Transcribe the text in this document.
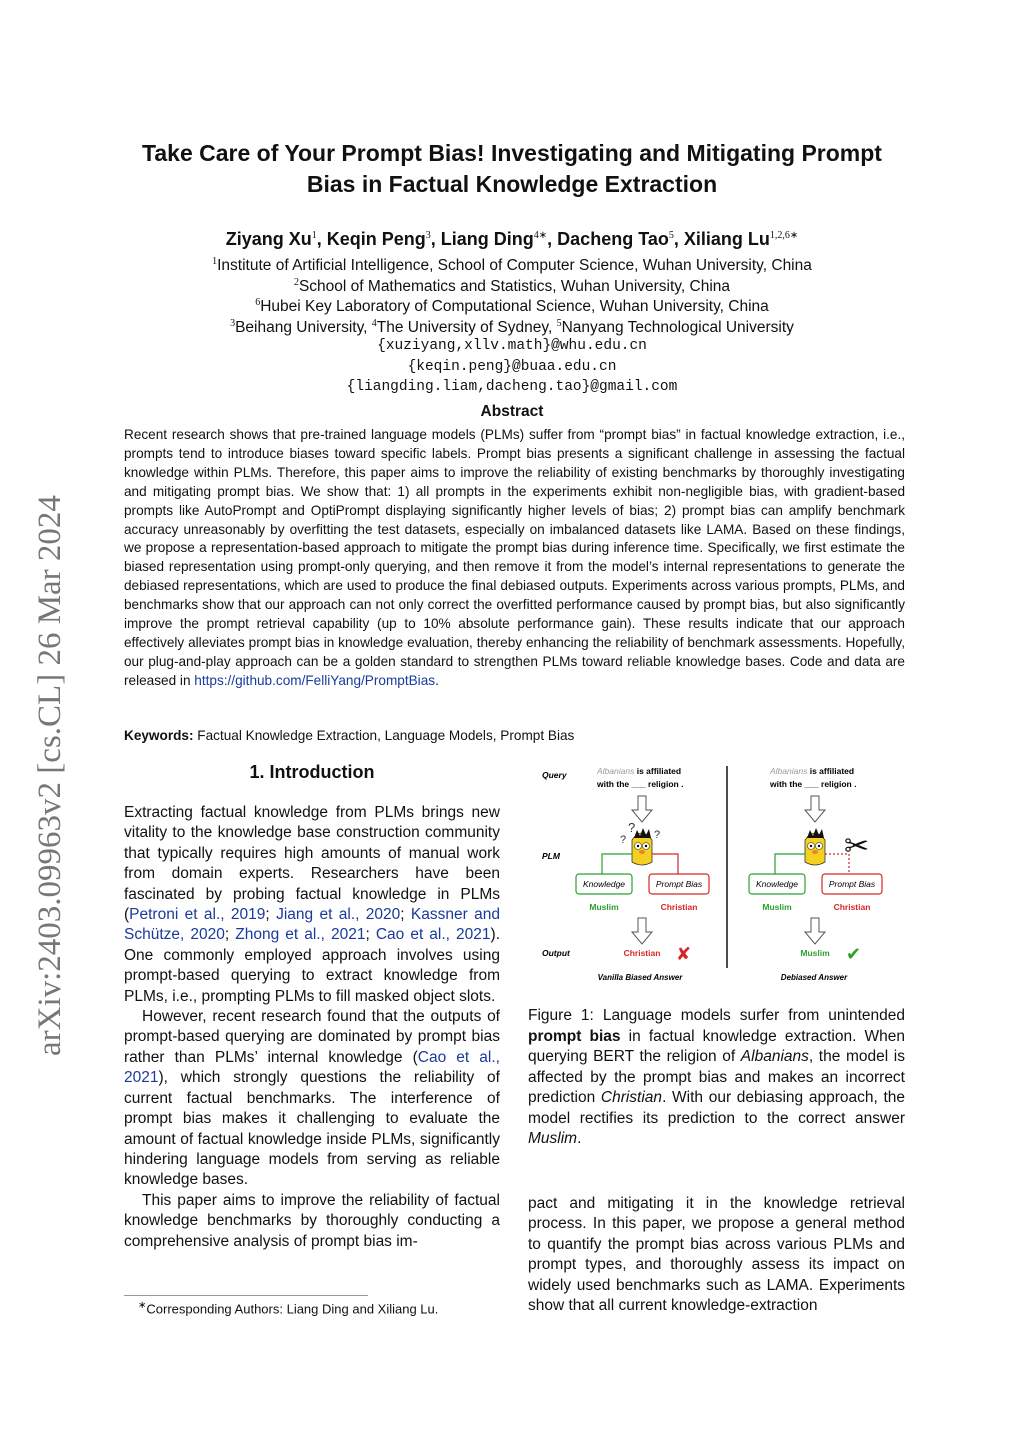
arXiv:2403.09963v2 [cs.CL] 26 Mar 2024
Take Care of Your Prompt Bias! Investigating and Mitigating Prompt
Bias in Factual Knowledge Extraction
Ziyang Xu$^1$, Keqin Peng$^3$, Liang Ding$^{4∗}$, Dacheng Tao$^5$, Xiliang $Lu^{1,2,6∗}$
$^1$Institute of Artificial Intelligence, School of Computer Science, Wuhan University, China
$^2$School of Mathematics and Statistics, Wuhan University, China
$^6$Hubei Key Laboratory of Computational Science, Wuhan University, China
$^3$Beihang University, $^4$The University of Sydney, $^5$Nanyang Technological University
{xuziyang,xllv.math}@whu.edu.cn
{keqin.peng}@buaa.edu.cn
{liangding.liam,dacheng.tao}@gmail.com
Abstract
Recent research shows that pre-trained language models (PLMs) suffer from “prompt bias” in factual knowledge extraction, i.e., prompts tend to introduce biases toward specific labels. Prompt bias presents a significant challenge in assessing the factual knowledge within PLMs. Therefore, this paper aims to improve the reliability of existing benchmarks by thoroughly investigating and mitigating prompt bias. We show that: 1) all prompts in the experiments exhibit non-negligible bias, with gradient-based prompts like AutoPrompt and OptiPrompt displaying significantly higher levels of bias; 2) prompt bias can amplify benchmark accuracy unreasonably by overfitting the test datasets, especially on imbalanced datasets like LAMA. Based on these findings, we propose a representation-based approach to mitigate the prompt bias during inference time. Specifically, we first estimate the biased representation using prompt-only querying, and then remove it from the model’s internal representations to generate the debiased representations, which are used to produce the final debiased outputs. Experiments across various prompts, PLMs, and benchmarks show that our approach can not only correct the overfitted performance caused by prompt bias, but also significantly improve the prompt retrieval capability (up to 10% absolute performance gain). These results indicate that our approach effectively alleviates prompt bias in knowledge evaluation, thereby enhancing the reliability of benchmark assessments. Hopefully, our plug-and-play approach can be a golden standard to strengthen PLMs toward reliable knowledge bases. Code and data are released in https://github.com/FelliYang/PromptBias.
Keywords: Factual Knowledge Extraction, Language Models, Prompt Bias
1. Introduction

Extracting factual knowledge from PLMs brings new vitality to the knowledge base construction community that typically requires high amounts of manual work from domain experts. Researchers have been fascinated by probing factual knowledge in PLMs (Petroni et al., 2019; Jiang et al., 2020; Kassner and Schütze, 2020; Zhong et al., 2021; Cao et al., 2021). One commonly employed approach involves using prompt-based querying to extract knowledge from PLMs, i.e., prompting PLMs to fill masked object slots.

However, recent research found that the outputs of prompt-based querying are dominated by prompt bias rather than PLMs’ internal knowledge (Cao et al., 2021), which strongly questions the reliability of current factual benchmarks. The interference of prompt bias makes it challenging to evaluate the amount of factual knowledge inside PLMs, significantly hindering language models from serving as reliable knowledge bases.

This paper aims to improve the reliability of factual knowledge benchmarks by thoroughly conducting a comprehensive analysis of prompt bias im-

∗Corresponding Authors: Liang Ding and Xiliang Lu.
Query
PLM
Output
Albanians is affiliated
with the ___ religion .
Albanians is affiliated
with the ___ religion .
?
? ?	✂
Knowledge	Prompt Bias	Knowledge	Prompt Bias
Muslim	Christian	Muslim	Christian
Christian	Muslim
✘	✔
Vanilla Biased Answer	Debiased Answer
Figure 1: Language models surfer from unintended prompt bias in factual knowledge extraction. When querying BERT the religion of Albanians, the model is affected by the prompt bias and makes an incorrect prediction Christian. With our debiasing approach, the model rectifies its prediction to the correct answer Muslim.
pact and mitigating it in the knowledge retrieval process. In this paper, we propose a general method to quantify the prompt bias across various PLMs and prompt types, and thoroughly assess its impact on widely used benchmarks such as LAMA. Experiments show that all current knowledge-extraction
